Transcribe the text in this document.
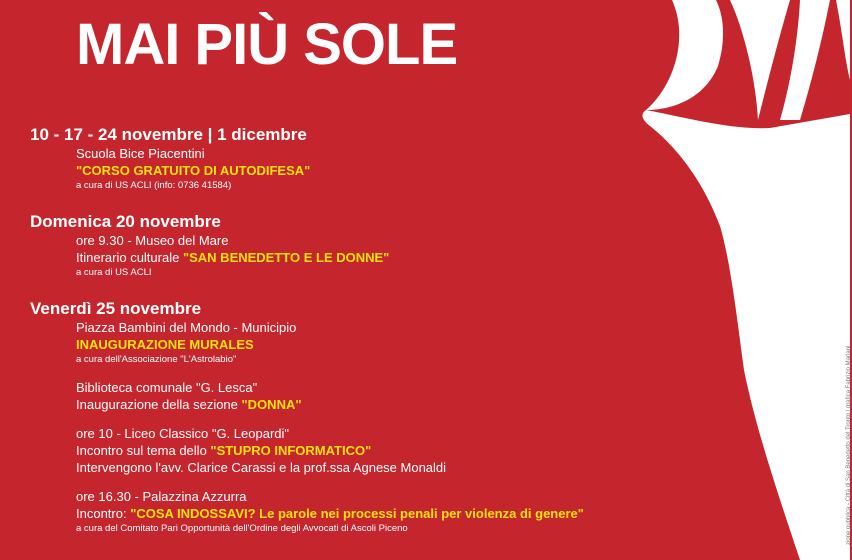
MAI PIÙ SOLE
10 - 17 - 24 novembre | 1 dicembre
Scuola Bice Piacentini
"CORSO GRATUITO DI AUTODIFESA"
a cura di US ACLI (info: 0736 41584)
Domenica 20 novembre
ore 9.30 - Museo del Mare
Itinerario culturale "SAN BENEDETTO E LE DONNE"
a cura di US ACLI
Venerdì 25 novembre
Piazza Bambini del Mondo - Municipio
INAUGURAZIONE MURALES
a cura dell'Associazione "L'Astrolabio"
Biblioteca comunale "G. Lesca"
Inaugurazione della sezione "DONNA"
ore 10 - Liceo Classico "G. Leopardi"
Incontro sul tema dello "STUPRO INFORMATICO"
Intervengono l'avv. Clarice Carassi e la prof.ssa Agnese Monaldi
ore 16.30 - Palazzina Azzurra
Incontro: "COSA INDOSSAVI? Le parole nei processi penali per violenza di genere"
a cura del Comitato Pari Opportunità dell'Ordine degli Avvocati di Ascoli Piceno	zione pubblica - Città di San Benedetto del Tronto | grafica Fabrizio Mariani
